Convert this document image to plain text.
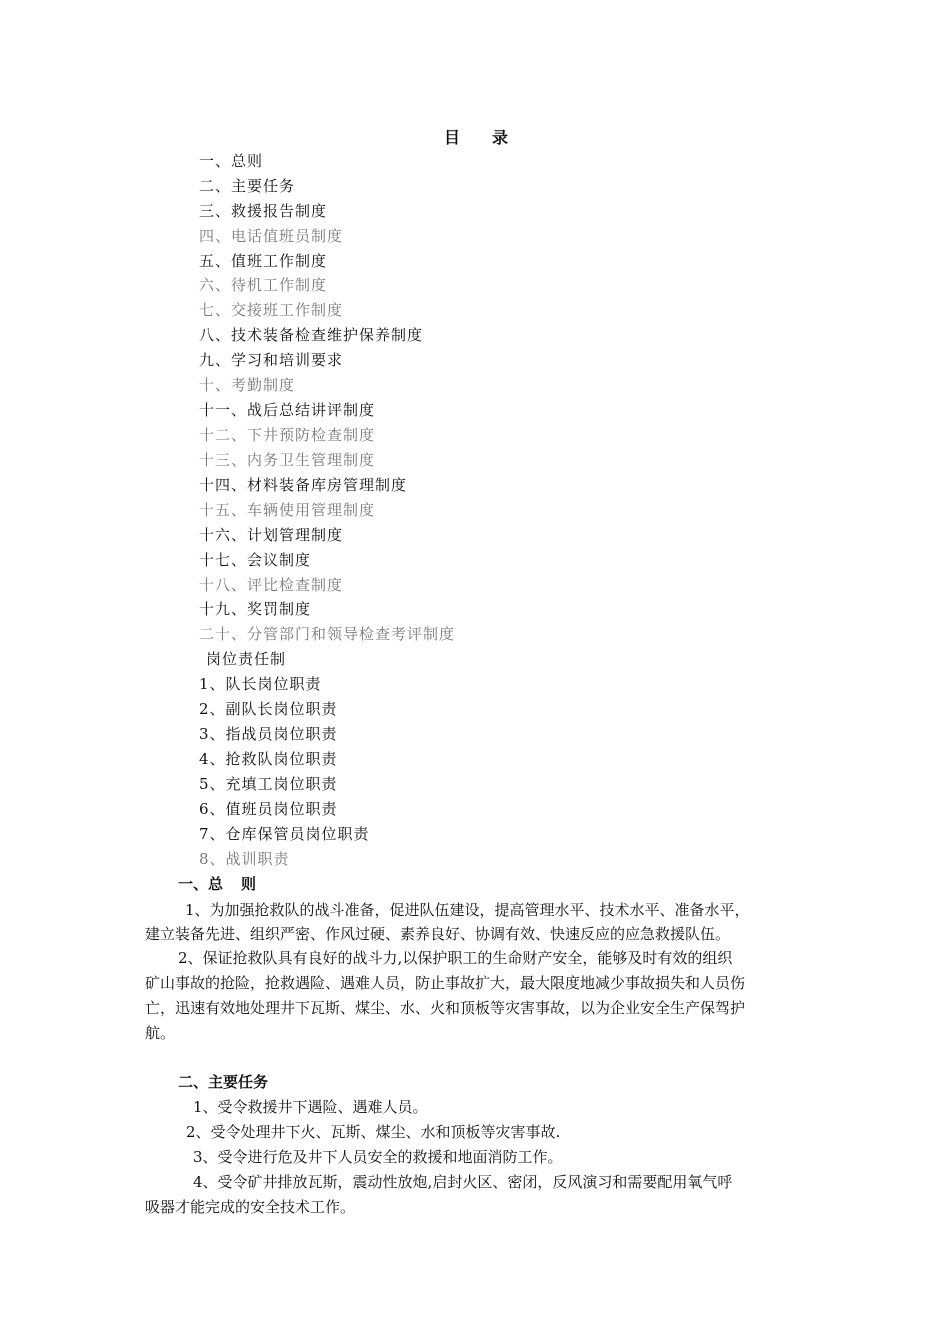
目 录
一、总则
二、主要任务
三、救援报告制度
四、电话值班员制度
五、值班工作制度
六、待机工作制度
七、交接班工作制度
八、技术装备检查维护保养制度
九、学习和培训要求
十、考勤制度
十一、战后总结讲评制度
十二、下井预防检查制度
十三、内务卫生管理制度
十四、材料装备库房管理制度
十五、车辆使用管理制度
十六、计划管理制度
十七、会议制度
十八、评比检查制度
十九、奖罚制度
二十、分管部门和领导检查考评制度
岗位责任制
1、队长岗位职责
2、副队长岗位职责
3、指战员岗位职责
4、抢救队岗位职责
5、充填工岗位职责
6、值班员岗位职责
7、仓库保管员岗位职责
8、战训职责
一、总 则
1、为加强抢救队的战斗准备，促进队伍建设，提高管理水平、技术水平、准备水平，
建立装备先进、组织严密、作风过硬、素养良好、协调有效、快速反应的应急救援队伍。
2、保证抢救队具有良好的战斗力,以保护职工的生命财产安全，能够及时有效的组织
矿山事故的抢险，抢救遇险、遇难人员，防止事故扩大，最大限度地减少事故损失和人员伤
亡，迅速有效地处理井下瓦斯、煤尘、水、火和顶板等灾害事故，以为企业安全生产保驾护
航。
二、主要任务
1、受令救援井下遇险、遇难人员。
2、受令处理井下火、瓦斯、煤尘、水和顶板等灾害事故.
3、受令进行危及井下人员安全的救援和地面消防工作。
4、受令矿井排放瓦斯，震动性放炮,启封火区、密闭，反风演习和需要配用氧气呼
吸器才能完成的安全技术工作。
